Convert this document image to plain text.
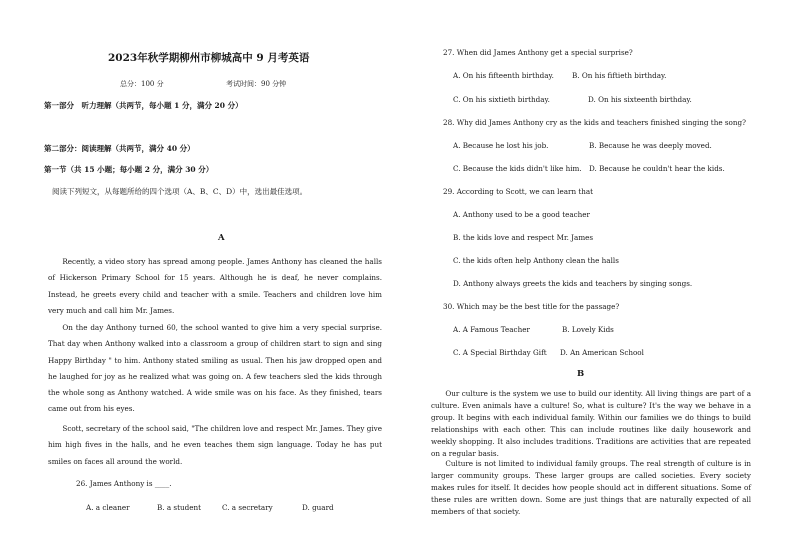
2023年秋学期柳州市柳城高中 9 月考英语
总分：100 分	考试时间：90 分钟
第一部分　听力理解（共两节，每小题 1 分，满分 20 分）
第二部分：阅读理解（共两节，满分 40 分）
第一节（共 15 小题；每小题 2 分，满分 30 分）
阅读下列短文，从每题所给的四个选项（A、B、C、D）中，选出最佳选项。
A

Recently, a video story has spread among people. James Anthony has cleaned the halls of Hickerson Primary School for 15 years. Although he is deaf, he never complains. Instead, he greets every child and teacher with a smile. Teachers and children love him very much and call him Mr. James.

On the day Anthony turned 60, the school wanted to give him a very special surprise. That day when Anthony walked into a classroom a group of children start to sign and sing Happy Birthday " to him. Anthony stated smiling as usual. Then his jaw dropped open and he laughed for joy as he realized what was going on. A few teachers sled the kids through the whole song as Anthony watched. A wide smile was on his face. As they finished, tears came out from his eyes.

Scott, secretary of the school said, "The children love and respect Mr. James. They give him high fives in the halls, and he even teaches them sign language. Today he has put smiles on faces all around the world.

26. James Anthony is ____.
A. a cleaner	B. a student	C. a secretary	D. guard
27. When did James Anthony get a special surprise?
A. On his fifteenth birthday.	B. On his fiftieth birthday.
C. On his sixtieth birthday.	D. On his sixteenth birthday.
28. Why did James Anthony cry as the kids and teachers finished singing the song?
A. Because he lost his job.	B. Because he was deeply moved.
C. Because the kids didn't like him. D. Because he couldn't hear the kids.
29. According to Scott, we can learn that
A. Anthony used to be a good teacher
B. the kids love and respect Mr. James
C. the kids often help Anthony clean the halls
D. Anthony always greets the kids and teachers by singing songs.
30. Which may be the best title for the passage?
A. A Famous Teacher	B. Lovely Kids
C. A Special Birthday Gift D. An American School
B

Our culture is the system we use to build our identity. All living things are part of a culture. Even animals have a culture! So, what is culture? It's the way we behave in a group. It begins with each individual family. Within our families we do things to build relationships with each other. This can include routines like daily housework and weekly shopping. It also includes traditions. Traditions are activities that are repeated on a regular basis.

Culture is not limited to individual family groups. The real strength of culture is in larger community groups. These larger groups are called societies. Every society makes rules for itself. It decides how people should act in different situations. Some of these rules are written down. Some are just things that are naturally expected of all members of that society.
